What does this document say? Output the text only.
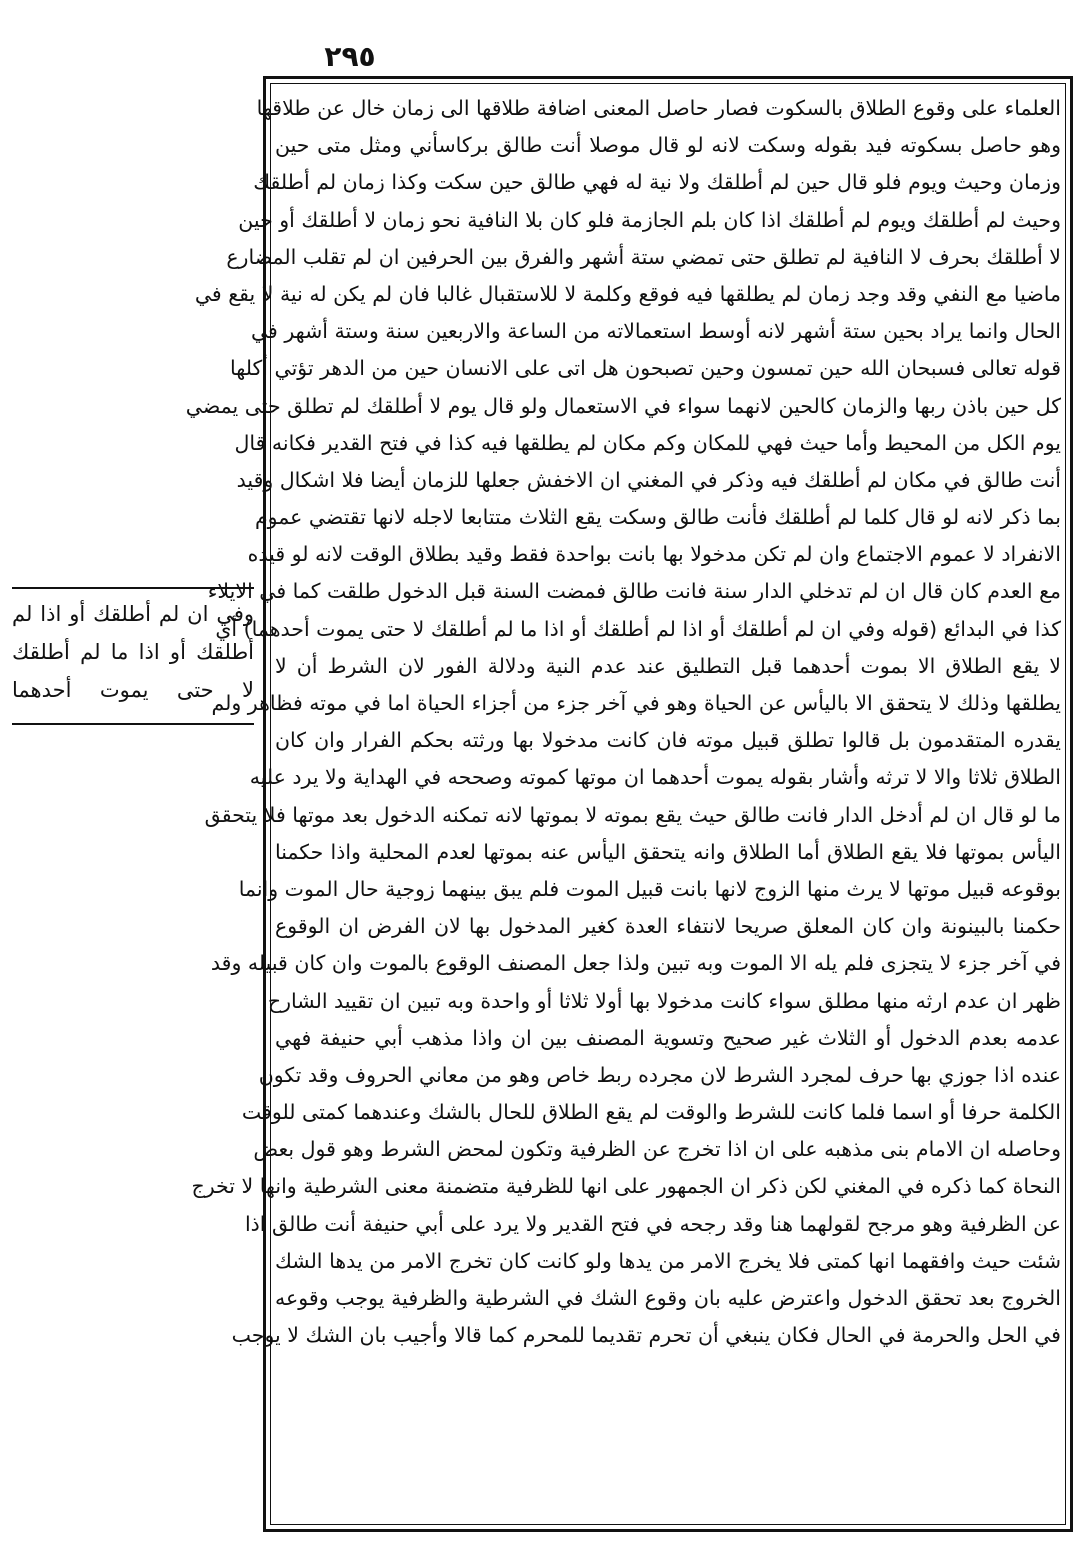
٢٩٥
العلماء على وقوع الطلاق بالسكوت فصار حاصل المعنى اضافة طلاقها الى زمان خال عن طلاقها
وهو حاصل بسكوته فيد بقوله وسكت لانه لو قال موصلا أنت طالق بركاسأني ومثل متى حين
وزمان وحيث ويوم فلو قال حين لم أطلقك ولا نية له فهي طالق حين سكت وكذا زمان لم أطلقك
وحيث لم أطلقك ويوم لم أطلقك اذا كان بلم الجازمة فلو كان بلا النافية نحو زمان لا أطلقك أو حين
لا أطلقك بحرف لا النافية لم تطلق حتى تمضي ستة أشهر والفرق بين الحرفين ان لم تقلب المضارع
ماضيا مع النفي وقد وجد زمان لم يطلقها فيه فوقع وكلمة لا للاستقبال غالبا فان لم يكن له نية لا يقع في
الحال وانما يراد بحين ستة أشهر لانه أوسط استعمالاته من الساعة والاربعين سنة وستة أشهر في
قوله تعالى فسبحان الله حين تمسون وحين تصبحون هل اتى على الانسان حين من الدهر تؤتي أكلها
كل حين باذن ربها والزمان كالحين لانهما سواء في الاستعمال ولو قال يوم لا أطلقك لم تطلق حتى يمضي
يوم الكل من المحيط وأما حيث فهي للمكان وكم مكان لم يطلقها فيه كذا في فتح القدير فكانه قال
أنت طالق في مكان لم أطلقك فيه وذكر في المغني ان الاخفش جعلها للزمان أيضا فلا اشكال وقيد
بما ذكر لانه لو قال كلما لم أطلقك فأنت طالق وسكت يقع الثلاث متتابعا لاجله لانها تقتضي عموم
الانفراد لا عموم الاجتماع وان لم تكن مدخولا بها بانت بواحدة فقط وقيد بطلاق الوقت لانه لو قيده
مع العدم كان قال ان لم تدخلي الدار سنة فانت طالق فمضت السنة قبل الدخول طلقت كما في الايلاء
كذا في البدائع (قوله وفي ان لم أطلقك أو اذا لم أطلقك أو اذا ما لم أطلقك لا حتى يموت أحدهما) أي
لا يقع الطلاق الا بموت أحدهما قبل التطليق عند عدم النية ودلالة الفور لان الشرط أن لا
يطلقها وذلك لا يتحقق الا باليأس عن الحياة وهو في آخر جزء من أجزاء الحياة اما في موته فظاهر ولم
يقدره المتقدمون بل قالوا تطلق قبيل موته فان كانت مدخولا بها ورثته بحكم الفرار وان كان
الطلاق ثلاثا والا لا ترثه وأشار بقوله يموت أحدهما ان موتها كموته وصححه في الهداية ولا يرد عليه
ما لو قال ان لم أدخل الدار فانت طالق حيث يقع بموته لا بموتها لانه تمكنه الدخول بعد موتها فلا يتحقق
اليأس بموتها فلا يقع الطلاق أما الطلاق وانه يتحقق اليأس عنه بموتها لعدم المحلية واذا حكمنا
بوقوعه قبيل موتها لا يرث منها الزوج لانها بانت قبيل الموت فلم يبق بينهما زوجية حال الموت وانما
حكمنا بالبينونة وان كان المعلق صريحا لانتفاء العدة كغير المدخول بها لان الفرض ان الوقوع
في آخر جزء لا يتجزى فلم يله الا الموت وبه تبين ولذا جعل المصنف الوقوع بالموت وان كان قبيله وقد
ظهر ان عدم ارثه منها مطلق سواء كانت مدخولا بها أولا ثلاثا أو واحدة وبه تبين ان تقييد الشارح
عدمه بعدم الدخول أو الثلاث غير صحيح وتسوية المصنف بين ان واذا مذهب أبي حنيفة فهي
عنده اذا جوزي بها حرف لمجرد الشرط لان مجرده ربط خاص وهو من معاني الحروف وقد تكون
الكلمة حرفا أو اسما فلما كانت للشرط والوقت لم يقع الطلاق للحال بالشك وعندهما كمتى للوقت
وحاصله ان الامام بنى مذهبه على ان اذا تخرج عن الظرفية وتكون لمحض الشرط وهو قول بعض
النحاة كما ذكره في المغني لكن ذكر ان الجمهور على انها للظرفية متضمنة معنى الشرطية وانها لا تخرج
عن الظرفية وهو مرجح لقولهما هنا وقد رجحه في فتح القدير ولا يرد على أبي حنيفة أنت طالق اذا
شئت حيث وافقهما انها كمتى فلا يخرج الامر من يدها ولو كانت كان تخرج الامر من يدها الشك
الخروج بعد تحقق الدخول واعترض عليه بان وقوع الشك في الشرطية والظرفية يوجب وقوعه
في الحل والحرمة في الحال فكان ينبغي أن تحرم تقديما للمحرم كما قالا وأجيب بان الشك لا يوجب
وفي ان لم أطلقك أو اذا لم
أطلقك أو اذا ما لم أطلقك
لا حتى يموت أحدهما
